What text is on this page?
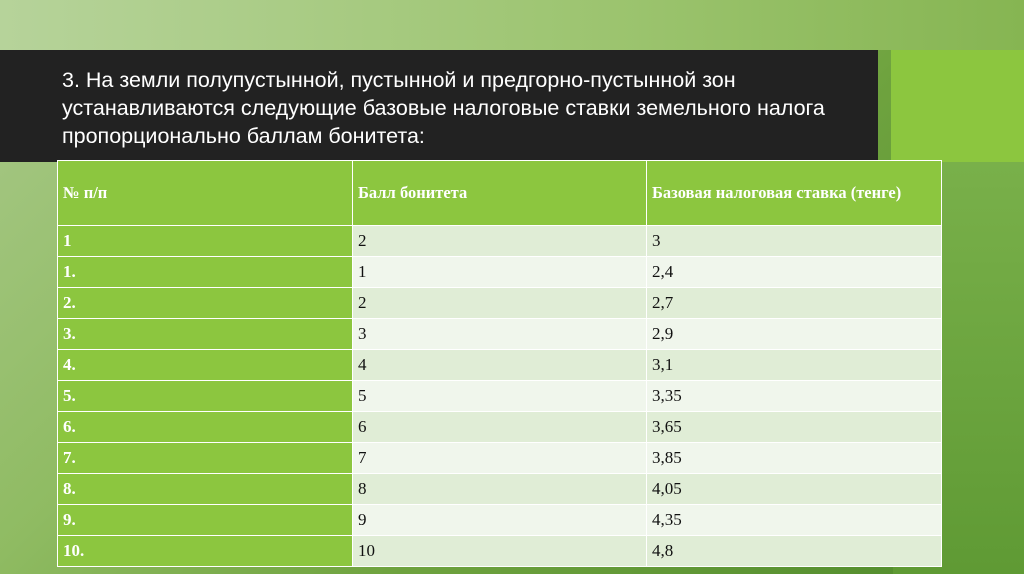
3. На земли полупустынной, пустынной и предгорно-пустынной зон устанавливаются следующие базовые налоговые ставки земельного налога пропорционально баллам бонитета:
№ п/п	Балл бонитета	Базовая налоговая ставка (тенге)
1	2	3
1.	1	2,4
2.	2	2,7
3.	3	2,9
4.	4	3,1
5.	5	3,35
6.	6	3,65
7.	7	3,85
8.	8	4,05
9.	9	4,35
10.	10	4,8
